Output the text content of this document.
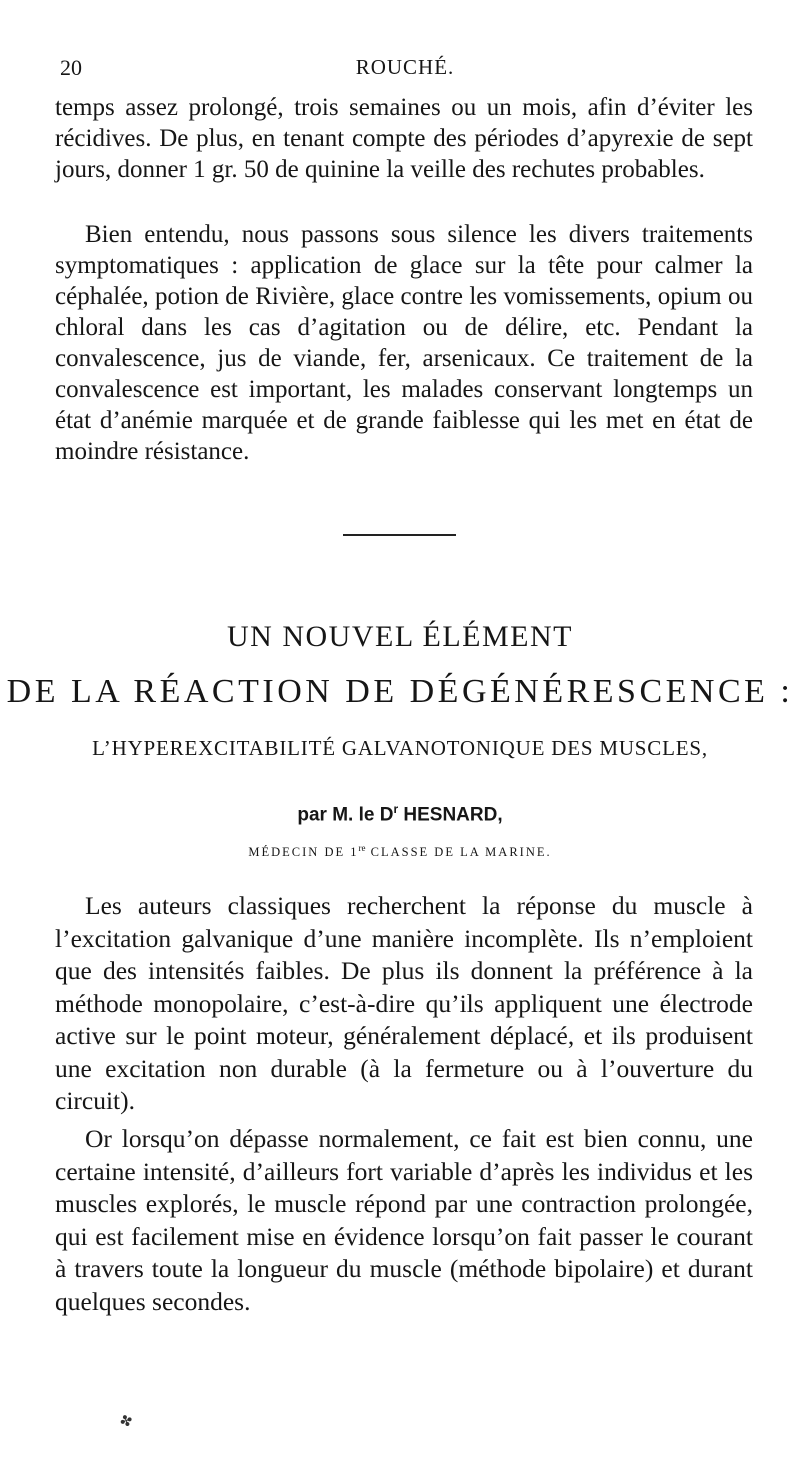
20	ROUCHÉ.

temps assez prolongé, trois semaines ou un mois, afin d’éviter les récidives. De plus, en tenant compte des périodes d’apyrexie de sept jours, donner 1 gr. 50 de quinine la veille des rechutes probables.

Bien entendu, nous passons sous silence les divers traitements symptomatiques : application de glace sur la tête pour calmer la céphalée, potion de Rivière, glace contre les vomissements, opium ou chloral dans les cas d’agitation ou de délire, etc. Pendant la convalescence, jus de viande, fer, arsenicaux. Ce traitement de la convalescence est important, les malades conservant longtemps un état d’anémie marquée et de grande faiblesse qui les met en état de moindre résistance.

UN NOUVEL ÉLÉMENT
DE LA RÉACTION DE DÉGÉNÉRESCENCE :
L’HYPEREXCITABILITÉ GALVANOTONIQUE DES MUSCLES,
par M. le $D^r$ HESNARD,
MÉDECIN DE 1re CLASSE DE LA MARINE.

Les auteurs classiques recherchent la réponse du muscle à l’excitation galvanique d’une manière incomplète. Ils n’emploient que des intensités faibles. De plus ils donnent la préférence à la méthode monopolaire, c’est-à-dire qu’ils appliquent une électrode active sur le point moteur, généralement déplacé, et ils produisent une excitation non durable (à la fermeture ou à l’ouverture du circuit).

Or lorsqu’on dépasse normalement, ce fait est bien connu, une certaine intensité, d’ailleurs fort variable d’après les individus et les muscles explorés, le muscle répond par une contraction prolongée, qui est facilement mise en évidence lorsqu’on fait passer le courant à travers toute la longueur du muscle (méthode bipolaire) et durant quelques secondes.

✤
